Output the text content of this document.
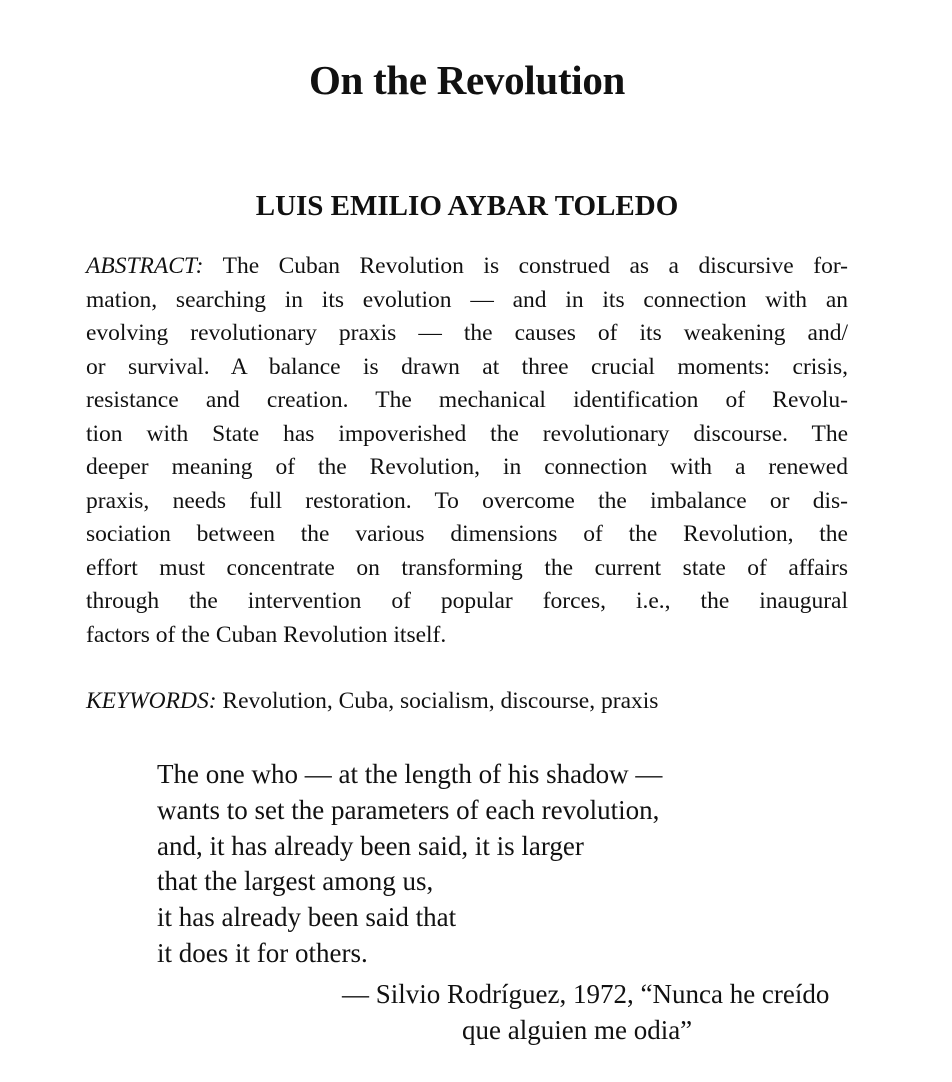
On the Revolution
LUIS EMILIO AYBAR TOLEDO
ABSTRACT: The Cuban Revolution is construed as a discursive for-
mation, searching in its evolution — and in its connection with an
evolving revolutionary praxis — the causes of its weakening and/
or survival. A balance is drawn at three crucial moments: crisis,
resistance and creation. The mechanical identification of Revolu-
tion with State has impoverished the revolutionary discourse. The
deeper meaning of the Revolution, in connection with a renewed
praxis, needs full restoration. To overcome the imbalance or dis-
sociation between the various dimensions of the Revolution, the
effort must concentrate on transforming the current state of affairs
through the intervention of popular forces, i.e., the inaugural
factors of the Cuban Revolution itself.
KEYWORDS: Revolution, Cuba, socialism, discourse, praxis
The one who — at the length of his shadow —
wants to set the parameters of each revolution,
and, it has already been said, it is larger
that the largest among us,
it has already been said that
it does it for others.
— Silvio Rodríguez, 1972, “Nunca he creído
que alguien me odia”
